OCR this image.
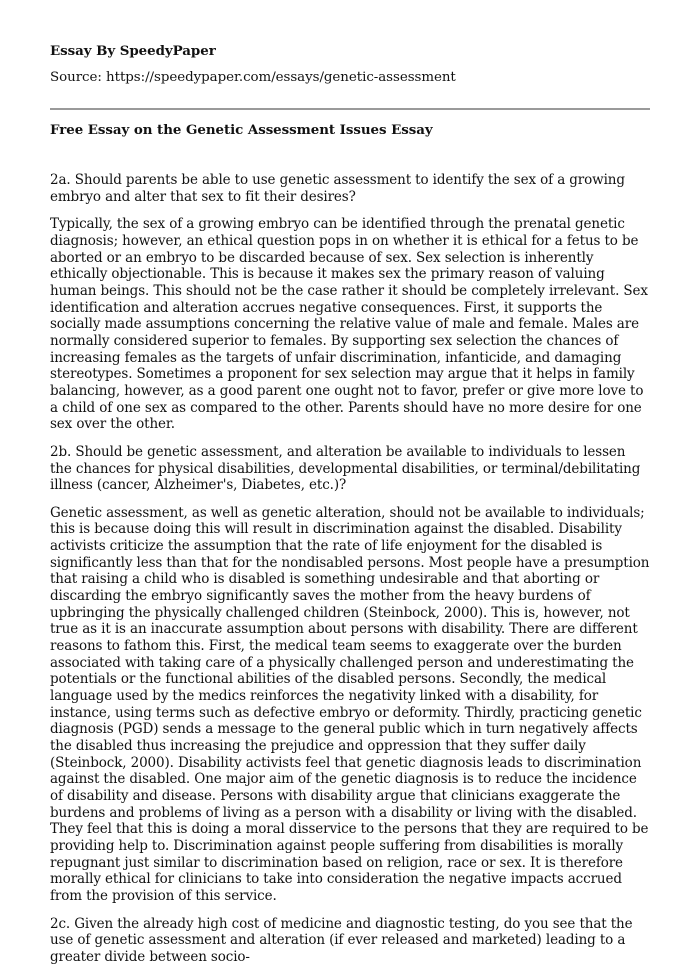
Essay By SpeedyPaper
Source: https://speedypaper.com/essays/genetic-assessment
Free Essay on the Genetic Assessment Issues Essay

2a. Should parents be able to use genetic assessment to identify the sex of a growing embryo and alter that sex to fit their desires?

Typically, the sex of a growing embryo can be identified through the prenatal genetic diagnosis; however, an ethical question pops in on whether it is ethical for a fetus to be aborted or an embryo to be discarded because of sex. Sex selection is inherently ethically objectionable. This is because it makes sex the primary reason of valuing human beings. This should not be the case rather it should be completely irrelevant. Sex identification and alteration accrues negative consequences. First, it supports the socially made assumptions concerning the relative value of male and female. Males are normally considered superior to females. By supporting sex selection the chances of increasing females as the targets of unfair discrimination, infanticide, and damaging stereotypes. Sometimes a proponent for sex selection may argue that it helps in family balancing, however, as a good parent one ought not to favor, prefer or give more love to a child of one sex as compared to the other. Parents should have no more desire for one sex over the other.

2b. Should be genetic assessment, and alteration be available to individuals to lessen the chances for physical disabilities, developmental disabilities, or terminal/debilitating illness (cancer, Alzheimer's, Diabetes, etc.)?

Genetic assessment, as well as genetic alteration, should not be available to individuals; this is because doing this will result in discrimination against the disabled. Disability activists criticize the assumption that the rate of life enjoyment for the disabled is significantly less than that for the nondisabled persons. Most people have a presumption that raising a child who is disabled is something undesirable and that aborting or discarding the embryo significantly saves the mother from the heavy burdens of upbringing the physically challenged children (Steinbock, 2000). This is, however, not true as it is an inaccurate assumption about persons with disability. There are different reasons to fathom this. First, the medical team seems to exaggerate over the burden associated with taking care of a physically challenged person and underestimating the potentials or the functional abilities of the disabled persons. Secondly, the medical language used by the medics reinforces the negativity linked with a disability, for instance, using terms such as defective embryo or deformity. Thirdly, practicing genetic diagnosis (PGD) sends a message to the general public which in turn negatively affects the disabled thus increasing the prejudice and oppression that they suffer daily (Steinbock, 2000). Disability activists feel that genetic diagnosis leads to discrimination against the disabled. One major aim of the genetic diagnosis is to reduce the incidence of disability and disease. Persons with disability argue that clinicians exaggerate the burdens and problems of living as a person with a disability or living with the disabled. They feel that this is doing a moral disservice to the persons that they are required to be providing help to. Discrimination against people suffering from disabilities is morally repugnant just similar to discrimination based on religion, race or sex. It is therefore morally ethical for clinicians to take into consideration the negative impacts accrued from the provision of this service.

2c. Given the already high cost of medicine and diagnostic testing, do you see that the use of genetic assessment and alteration (if ever released and marketed) leading to a greater divide between socio-
